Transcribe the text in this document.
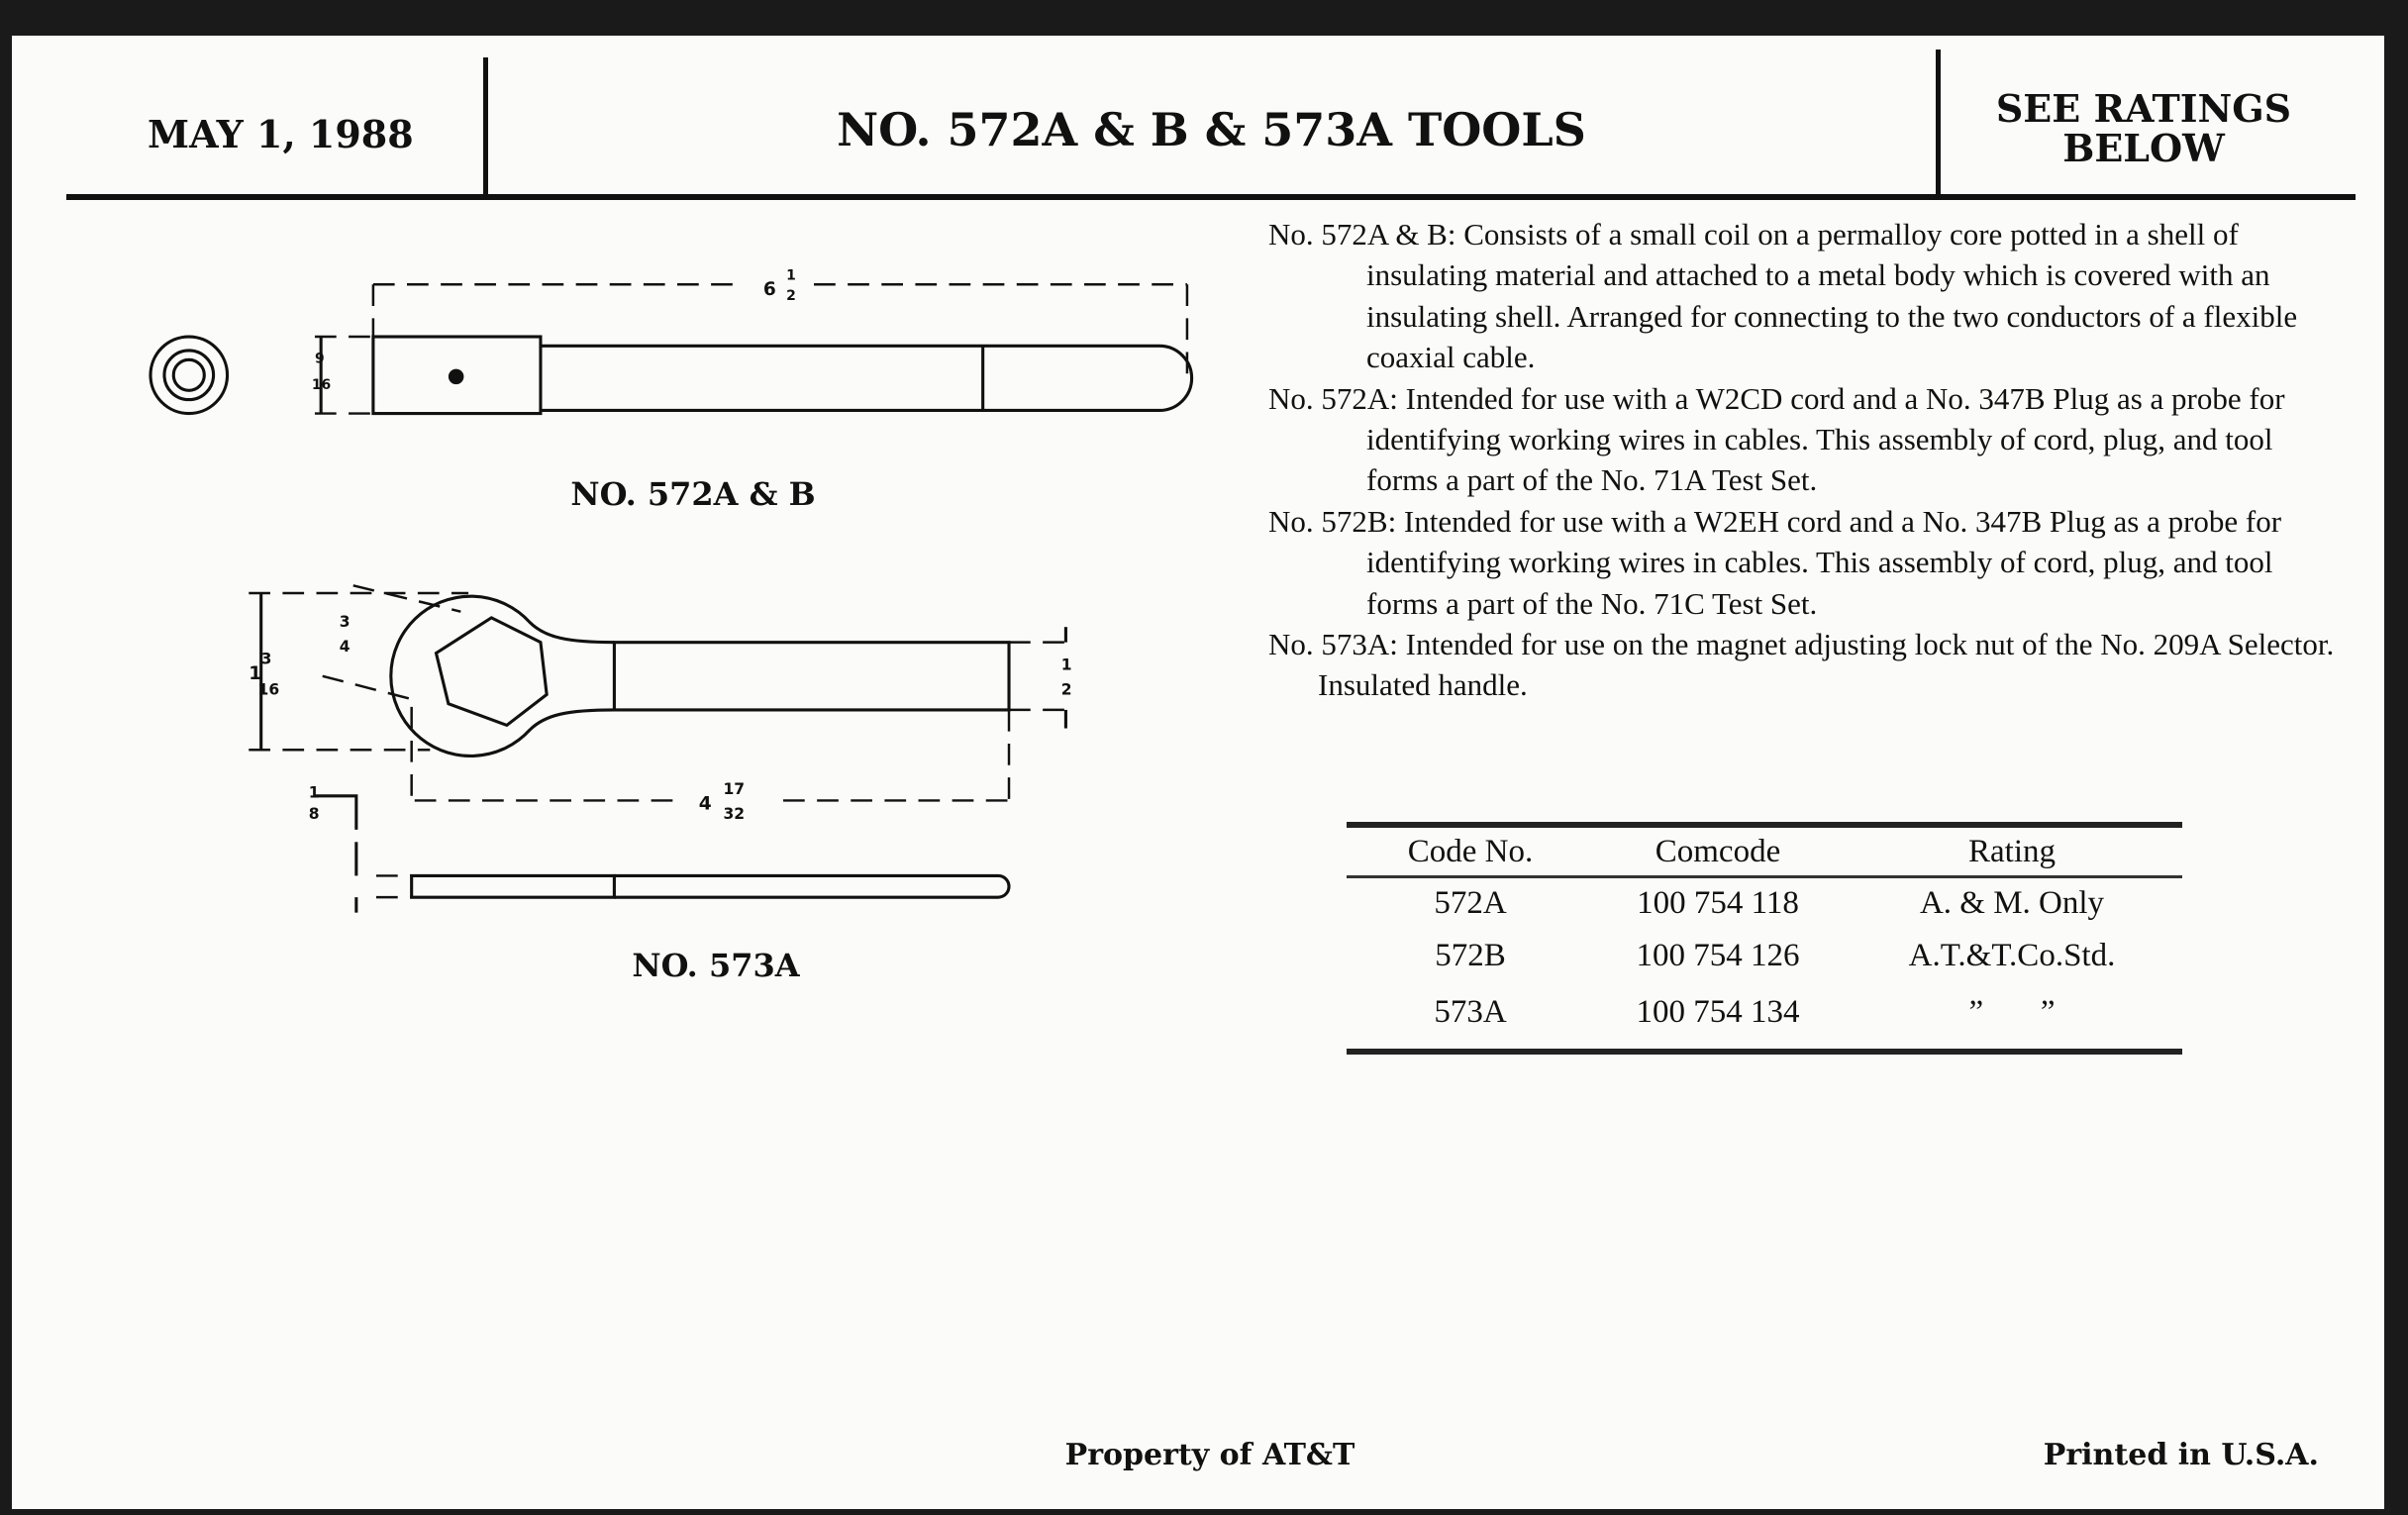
MAY 1, 1988	NO. 572A & B & 573A TOOLS	SEE RATINGS
BELOW
6
1
2
9
16
1
3
16
3
4
1
2
4
17
32
1
8
NO. 572A & B
NO. 573A
No. 572A & B: Consists of a small coil on a permalloy core potted in a shell of insulating material and attached to a metal body which is covered with an insulating shell. Arranged for connecting to the two conductors of a flexible coaxial cable.
No. 572A: Intended for use with a W2CD cord and a No. 347B Plug as a probe for identifying working wires in cables. This assembly of cord, plug, and tool forms a part of the No. 71A Test Set.
No. 572B: Intended for use with a W2EH cord and a No. 347B Plug as a probe for identifying working wires in cables. This assembly of cord, plug, and tool forms a part of the No. 71C Test Set.
No. 573A: Intended for use on the magnet adjusting lock nut of the No. 209A Selector.
Insulated handle.
Code No.	Comcode	Rating
572A	100 754 118	A. & M. Only
572B	100 754 126	A.T.&T.Co.Std.
573A	100 754 134	”       ”
Property of AT&T	Printed in U.S.A.
